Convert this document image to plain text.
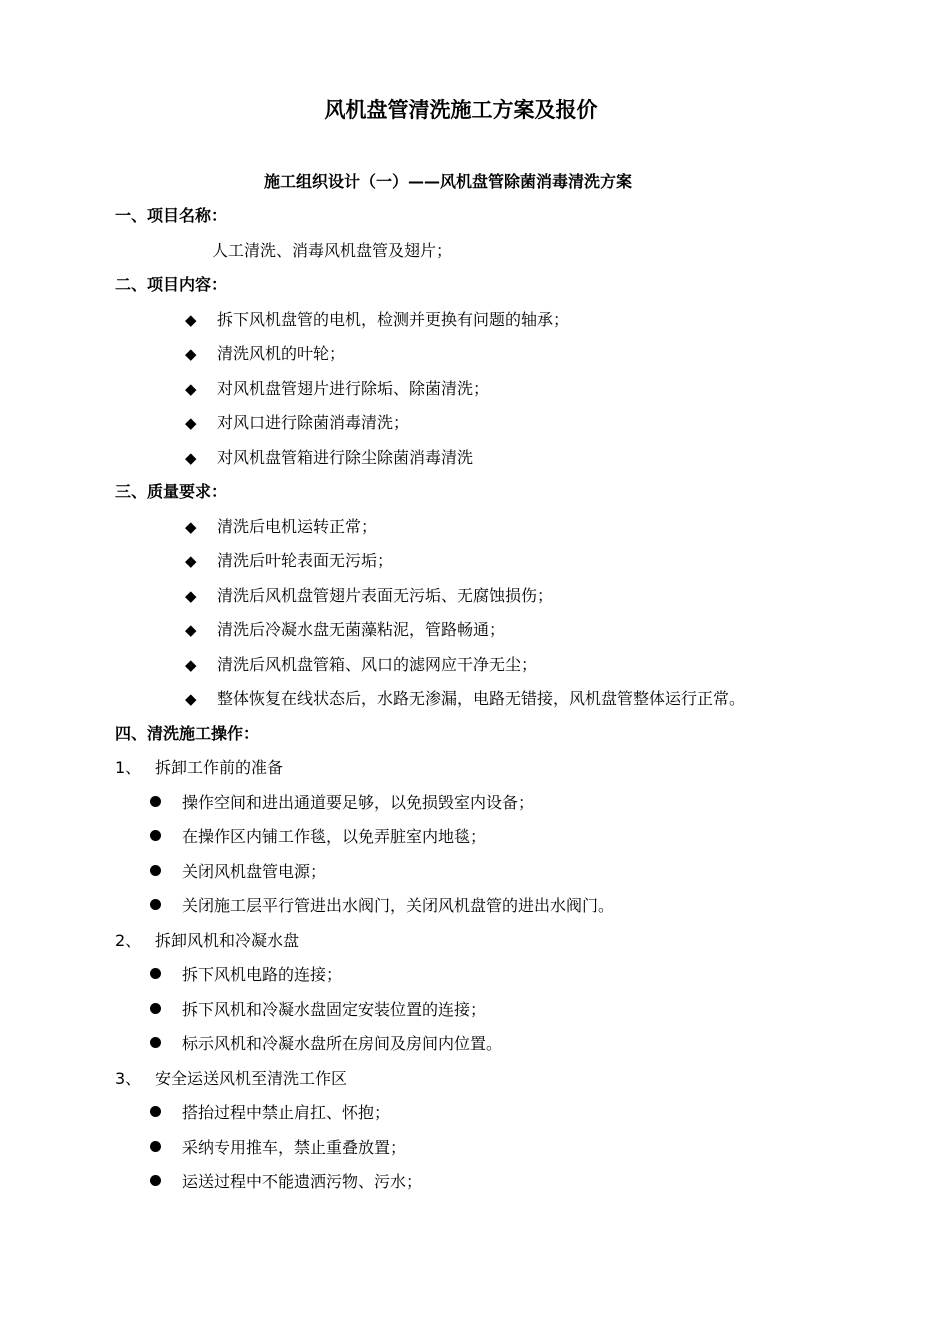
风机盘管清洗施工方案及报价
施工组织设计（一）——风机盘管除菌消毒清洗方案
一、项目名称：
人工清洗、消毒风机盘管及翅片；
二、项目内容：
◆ 拆下风机盘管的电机，检测并更换有问题的轴承；
◆ 清洗风机的叶轮；
◆ 对风机盘管翅片进行除垢、除菌清洗；
◆ 对风口进行除菌消毒清洗；
◆ 对风机盘管箱进行除尘除菌消毒清洗
三、质量要求：
◆ 清洗后电机运转正常；
◆ 清洗后叶轮表面无污垢；
◆ 清洗后风机盘管翅片表面无污垢、无腐蚀损伤；
◆ 清洗后冷凝水盘无菌藻粘泥，管路畅通；
◆ 清洗后风机盘管箱、风口的滤网应干净无尘；
◆ 整体恢复在线状态后，水路无渗漏，电路无错接，风机盘管整体运行正常。
四、清洗施工操作：
1、 拆卸工作前的准备
操作空间和进出通道要足够，以免损毁室内设备；
在操作区内铺工作毯，以免弄脏室内地毯；
关闭风机盘管电源；
关闭施工层平行管进出水阀门，关闭风机盘管的进出水阀门。
2、 拆卸风机和冷凝水盘
拆下风机电路的连接；
拆下风机和冷凝水盘固定安装位置的连接；
标示风机和冷凝水盘所在房间及房间内位置。
3、 安全运送风机至清洗工作区
搭抬过程中禁止肩扛、怀抱；
采纳专用推车，禁止重叠放置；
运送过程中不能遗洒污物、污水；
